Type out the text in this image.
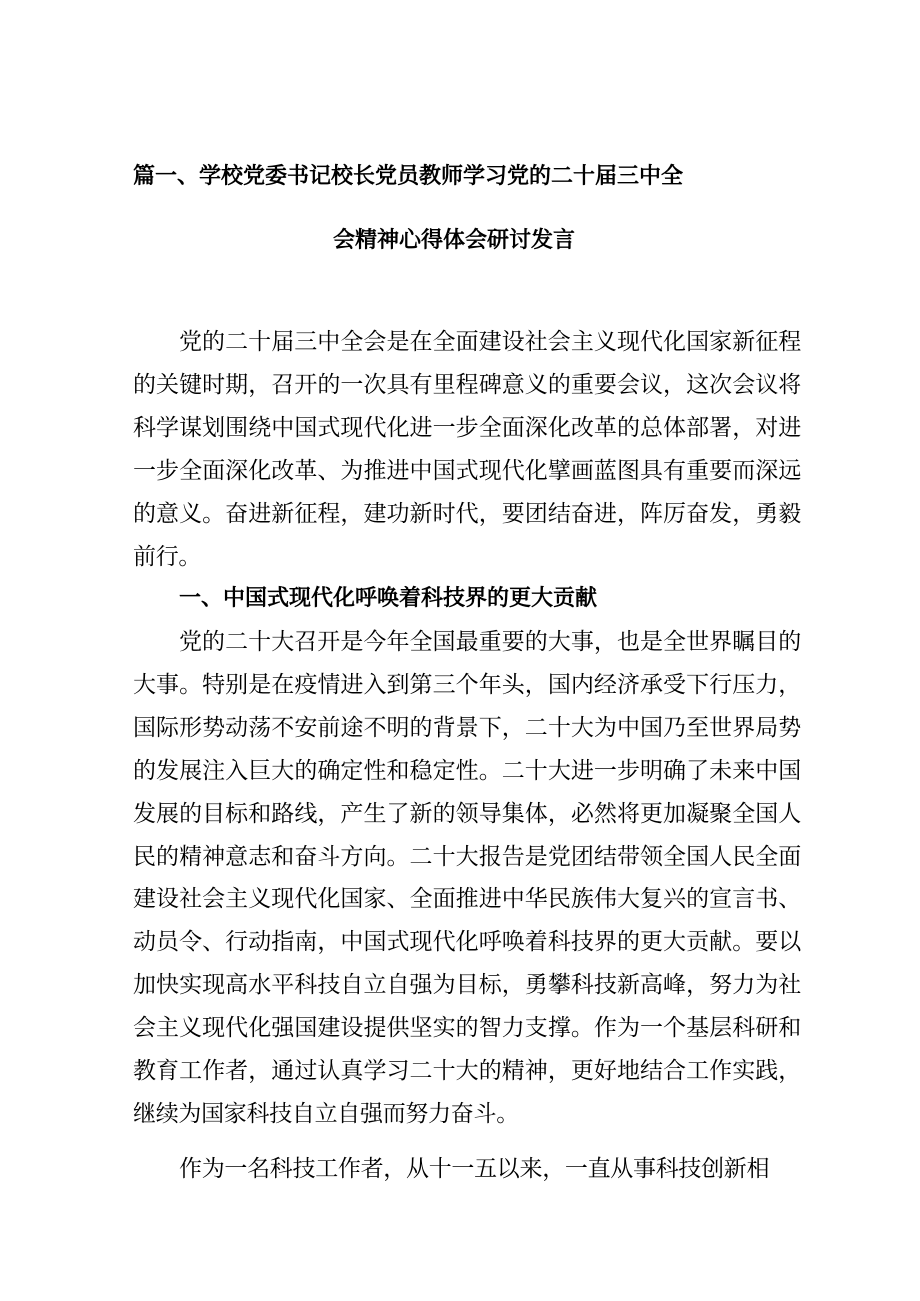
篇一、学校党委书记校长党员教师学习党的二十届三中全
会精神心得体会研讨发言

党的二十届三中全会是在全面建设社会主义现代化国家新征程的关键时期，召开的一次具有里程碑意义的重要会议，这次会议将科学谋划围绕中国式现代化进一步全面深化改革的总体部署，对进一步全面深化改革、为推进中国式现代化擘画蓝图具有重要而深远的意义。奋进新征程，建功新时代，要团结奋进，阵厉奋发，勇毅前行。

一、中国式现代化呼唤着科技界的更大贡献

党的二十大召开是今年全国最重要的大事，也是全世界瞩目的大事。特别是在疫情进入到第三个年头，国内经济承受下行压力，国际形势动荡不安前途不明的背景下，二十大为中国乃至世界局势的发展注入巨大的确定性和稳定性。二十大进一步明确了未来中国发展的目标和路线，产生了新的领导集体，必然将更加凝聚全国人民的精神意志和奋斗方向。二十大报告是党团结带领全国人民全面建设社会主义现代化国家、全面推进中华民族伟大复兴的宣言书、动员令、行动指南，中国式现代化呼唤着科技界的更大贡献。要以加快实现高水平科技自立自强为目标，勇攀科技新高峰，努力为社会主义现代化强国建设提供坚实的智力支撑。作为一个基层科研和教育工作者，通过认真学习二十大的精神，更好地结合工作实践，继续为国家科技自立自强而努力奋斗。

作为一名科技工作者，从十一五以来，一直从事科技创新相
